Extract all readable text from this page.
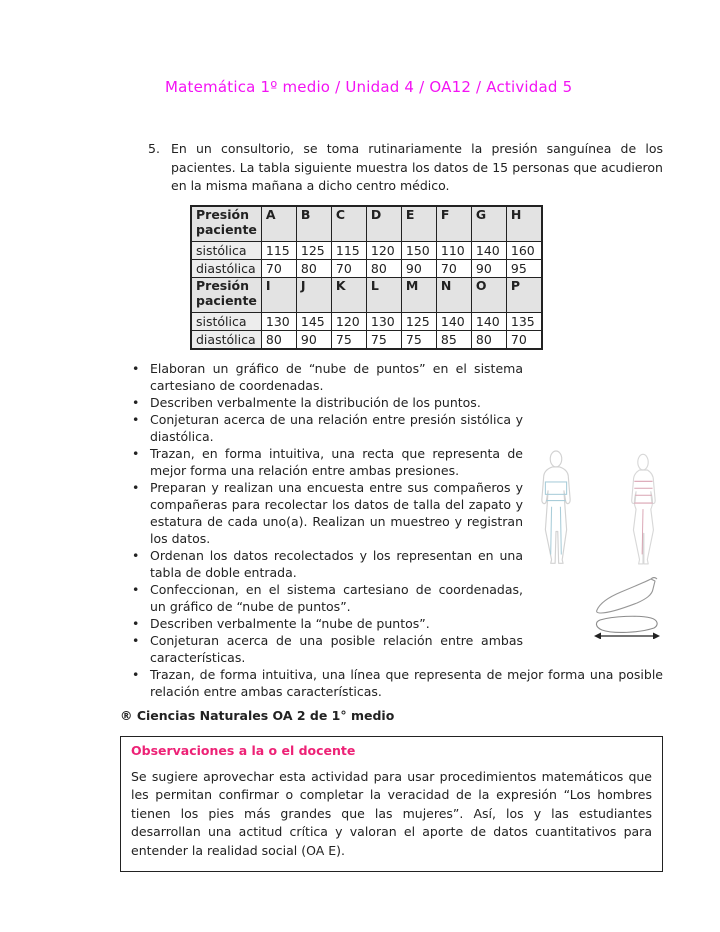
Matemática 1º medio / Unidad 4 / OA12 / Actividad 5
5. En un consultorio, se toma rutinariamente la presión sanguínea de los pacientes. La tabla siguiente muestra los datos de 15 personas que acudieron en la misma mañana a dicho centro médico.

Presión paciente	A	B	C	D	E	F	G	H
sistólica	115	125	115	120	150	110	140	160
diastólica	70	80	70	80	90	70	90	95
Presión paciente	I	J	K	L	M	N	O	P
sistólica	130	145	120	130	125	140	140	135
diastólica	80	90	75	75	75	85	80	70
• Elaboran un gráfico de “nube de puntos” en el sistema cartesiano de coordenadas.
• Describen verbalmente la distribución de los puntos.
• Conjeturan acerca de una relación entre presión sistólica y diastólica.
• Trazan, en forma intuitiva, una recta que representa de mejor forma una relación entre ambas presiones.
• Preparan y realizan una encuesta entre sus compañeros y compañeras para recolectar los datos de talla del zapato y estatura de cada uno(a). Realizan un muestreo y registran los datos.
• Ordenan los datos recolectados y los representan en una tabla de doble entrada.
• Confeccionan, en el sistema cartesiano de coordenadas, un gráfico de “nube de puntos”.
• Describen verbalmente la “nube de puntos”.
• Conjeturan acerca de una posible relación entre ambas características.
• Trazan, de forma intuitiva, una línea que representa de mejor forma una posible relación entre ambas características.

® Ciencias Naturales OA 2 de 1° medio

Observaciones a la o el docente

Se sugiere aprovechar esta actividad para usar procedimientos matemáticos que les permitan confirmar o completar la veracidad de la expresión “Los hombres tienen los pies más grandes que las mujeres”. Así, los y las estudiantes desarrollan una actitud crítica y valoran el aporte de datos cuantitativos para entender la realidad social (OA E).
